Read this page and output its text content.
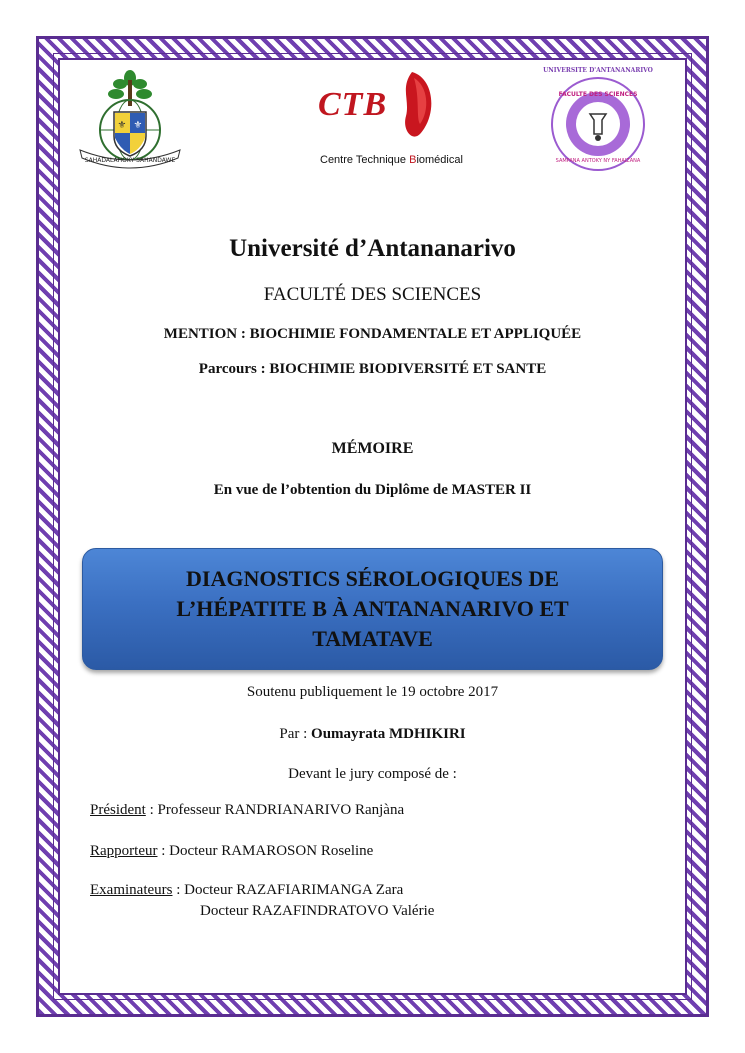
⚜ ⚜
SAHADALAHOKY SAHANDAWE
CTB
Centre Technique Biomédical
UNIVERSITE D'ANTANANARIVO
FACULTE DES SCIENCES
SAMPANA ANTOKY NY FAHAIZANA
Université d’Antananarivo
FACULTÉ DES SCIENCES
MENTION : BIOCHIMIE FONDAMENTALE ET APPLIQUÉE
Parcours : BIOCHIMIE BIODIVERSITÉ ET SANTE
MÉMOIRE
En vue de l’obtention du Diplôme de MASTER II
DIAGNOSTICS SÉROLOGIQUES DE L’HÉPATITE B À ANTANANARIVO ET TAMATAVE
Soutenu publiquement le 19 octobre 2017
Par : Oumayrata MDHIKIRI
Devant le jury composé de :
Président : Professeur RANDRIANARIVO Ranjàna
Rapporteur : Docteur RAMAROSON Roseline
Examinateurs : Docteur RAZAFIARIMANGA Zara
Docteur RAZAFINDRATOVO Valérie
